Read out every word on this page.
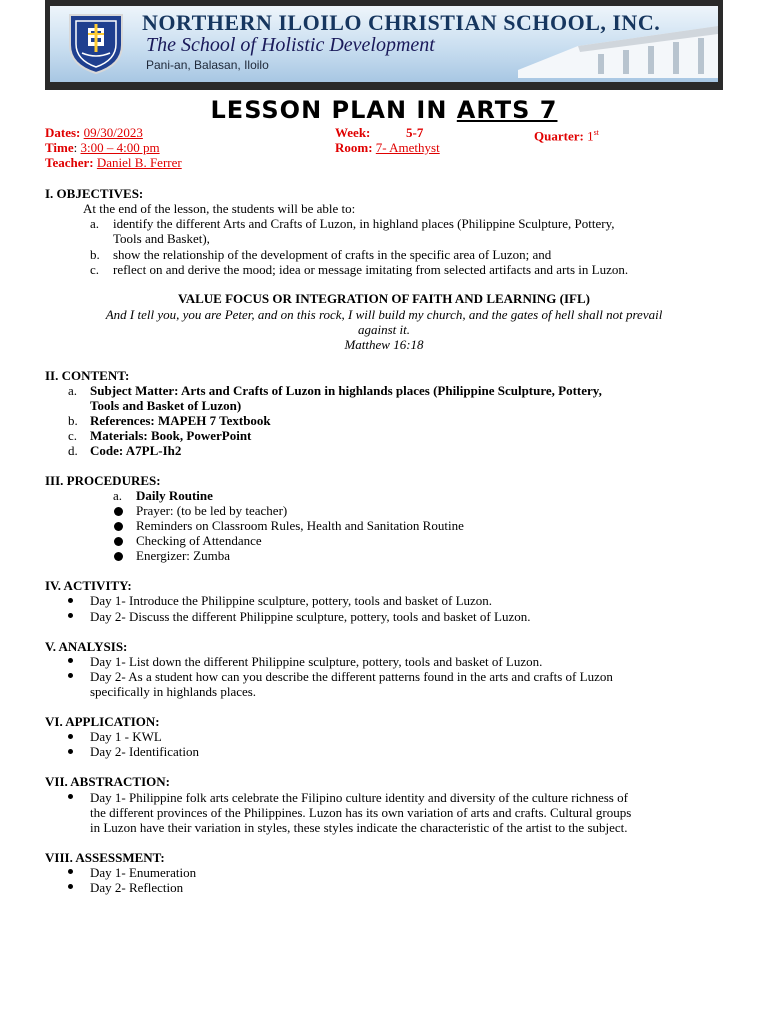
NORTHERN ILOILO CHRISTIAN SCHOOL, INC.
The School of Holistic Development
Pani-an, Balasan, Iloilo
LESSON PLAN IN ARTS 7
Dates: 09/30/2023
Time: 3:00 – 4:00 pm
Teacher: Daniel B. Ferrer
Week:	5-7
Room: 7- Amethyst
Quarter: 1st
I. OBJECTIVES:
At the end of the lesson, the students will be able to:
a. identify the different Arts and Crafts of Luzon, in highland places (Philippine Sculpture, Pottery,
Tools and Basket),
b. show the relationship of the development of crafts in the specific area of Luzon; and
c. reflect on and derive the mood; idea or message imitating from selected artifacts and arts in Luzon.
VALUE FOCUS OR INTEGRATION OF FAITH AND LEARNING (IFL)
And I tell you, you are Peter, and on this rock, I will build my church, and the gates of hell shall not prevail
against it.
Matthew 16:18
II. CONTENT:
a. Subject Matter: Arts and Crafts of Luzon in highlands places (Philippine Sculpture, Pottery,
Tools and Basket of Luzon)
b. References: MAPEH 7 Textbook
c. Materials: Book, PowerPoint
d. Code: A7PL-Ih2
III. PROCEDURES:
a. Daily Routine
Prayer: (to be led by teacher)
Reminders on Classroom Rules, Health and Sanitation Routine
Checking of Attendance
Energizer: Zumba
IV. ACTIVITY:
Day 1- Introduce the Philippine sculpture, pottery, tools and basket of Luzon.
Day 2- Discuss the different Philippine sculpture, pottery, tools and basket of Luzon.
V. ANALYSIS:
Day 1- List down the different Philippine sculpture, pottery, tools and basket of Luzon.
Day 2- As a student how can you describe the different patterns found in the arts and crafts of Luzon
specifically in highlands places.
VI. APPLICATION:
Day 1 - KWL
Day 2- Identification
VII. ABSTRACTION:
Day 1- Philippine folk arts celebrate the Filipino culture identity and diversity of the culture richness of
the different provinces of the Philippines. Luzon has its own variation of arts and crafts. Cultural groups
in Luzon have their variation in styles, these styles indicate the characteristic of the artist to the subject.
VIII. ASSESSMENT:
Day 1- Enumeration
Day 2- Reflection
